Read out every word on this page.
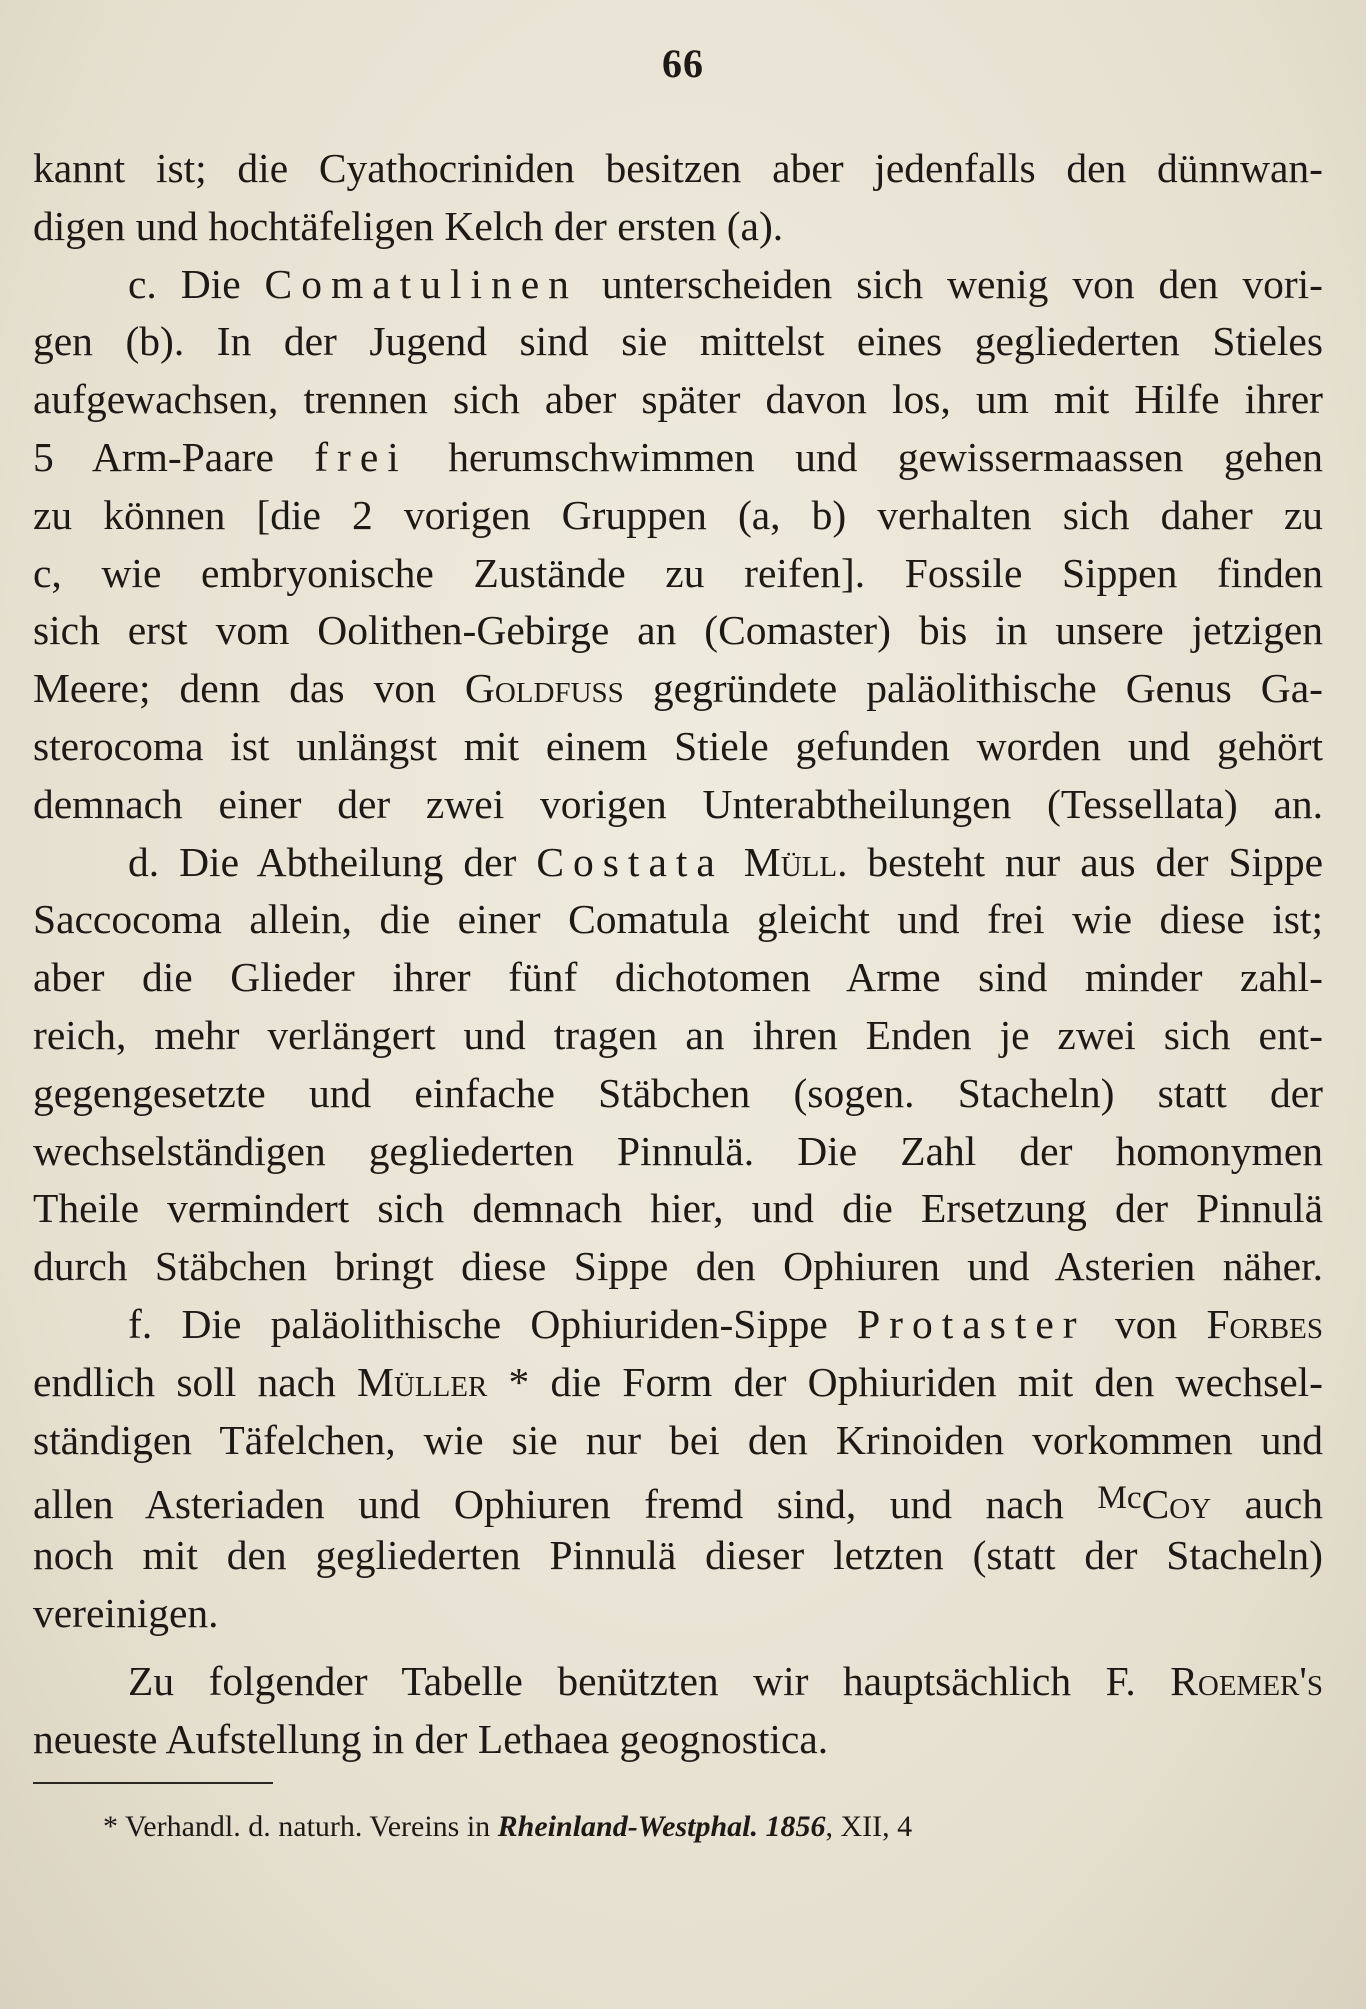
66
kannt ist; die Cyathocriniden besitzen aber jedenfalls den dünnwan-
digen und hochtäfeligen Kelch der ersten (a).
c. Die Comatulinen unterscheiden sich wenig von den vori-
gen (b). In der Jugend sind sie mittelst eines gegliederten Stieles
aufgewachsen, trennen sich aber später davon los, um mit Hilfe ihrer
5 Arm-Paare frei herumschwimmen und gewissermaassen gehen
zu können [die 2 vorigen Gruppen (a, b) verhalten sich daher zu
c, wie embryonische Zustände zu reifen]. Fossile Sippen finden
sich erst vom Oolithen-Gebirge an (Comaster) bis in unsere jetzigen
Meere; denn das von Goldfuss gegründete paläolithische Genus Ga-
sterocoma ist unlängst mit einem Stiele gefunden worden und gehört
demnach einer der zwei vorigen Unterabtheilungen (Tessellata) an.
d. Die Abtheilung der Costata Müll. besteht nur aus der Sippe
Saccocoma allein, die einer Comatula gleicht und frei wie diese ist;
aber die Glieder ihrer fünf dichotomen Arme sind minder zahl-
reich, mehr verlängert und tragen an ihren Enden je zwei sich ent-
gegengesetzte und einfache Stäbchen (sogen. Stacheln) statt der
wechselständigen gegliederten Pinnulä. Die Zahl der homonymen
Theile vermindert sich demnach hier, und die Ersetzung der Pinnulä
durch Stäbchen bringt diese Sippe den Ophiuren und Asterien näher.
f. Die paläolithische Ophiuriden-Sippe Protaster von Forbes
endlich soll nach Müller * die Form der Ophiuriden mit den wechsel-
ständigen Täfelchen, wie sie nur bei den Krinoiden vorkommen und
allen Asteriaden und Ophiuren fremd sind, und nach $^{Mc}$Coy auch
noch mit den gegliederten Pinnulä dieser letzten (statt der Stacheln)
vereinigen.
Zu folgender Tabelle benützten wir hauptsächlich F. Roemer's
neueste Aufstellung in der Lethaea geognostica.
* Verhandl. d. naturh. Vereins in Rheinland-Westphal. 1856, XII, 4
